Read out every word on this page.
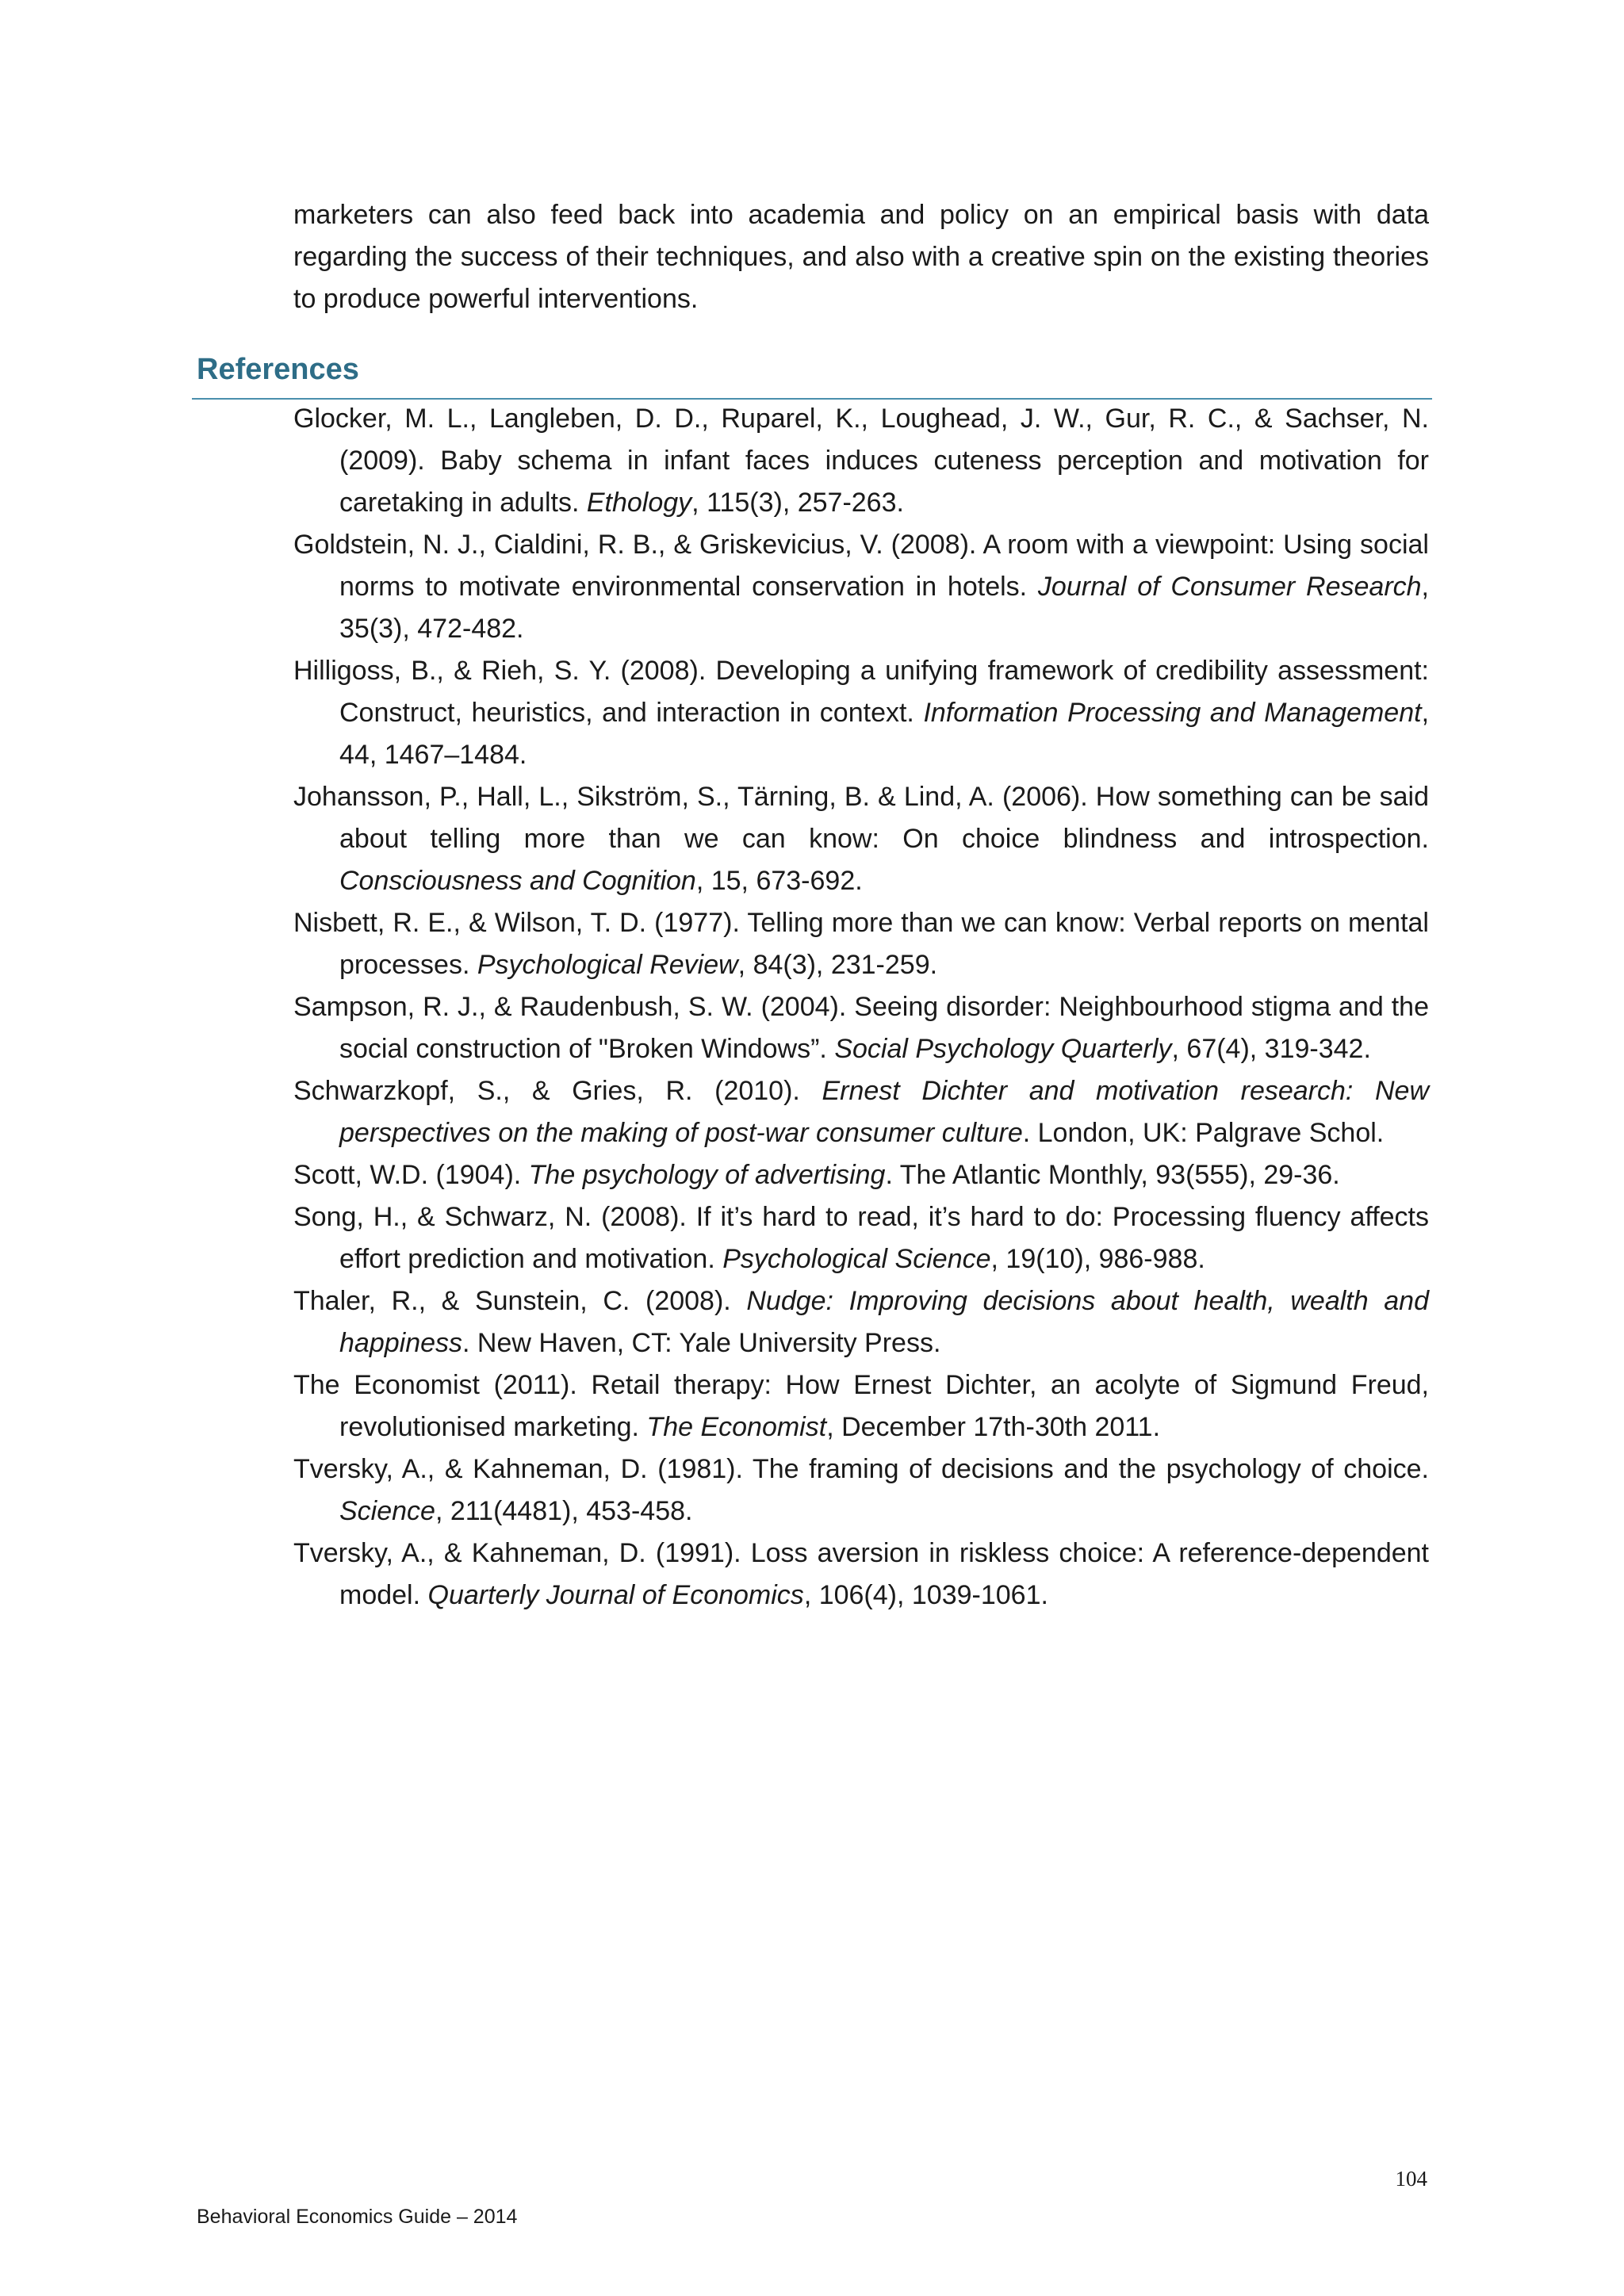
marketers can also feed back into academia and policy on an empirical basis with data regarding the success of their techniques, and also with a creative spin on the existing theories to produce powerful interventions.

References
Glocker, M. L., Langleben, D. D., Ruparel, K., Loughead, J. W., Gur, R. C., & Sachser, N. (2009). Baby schema in infant faces induces cuteness perception and motivation for caretaking in adults. Ethology, 115(3), 257-263.
Goldstein, N. J., Cialdini, R. B., & Griskevicius, V. (2008). A room with a viewpoint: Using social norms to motivate environmental conservation in hotels. Journal of Consumer Research, 35(3), 472-482.
Hilligoss, B., & Rieh, S. Y. (2008). Developing a unifying framework of credibility assessment: Construct, heuristics, and interaction in context. Information Processing and Management, 44, 1467–1484.
Johansson, P., Hall, L., Sikström, S., Tärning, B. & Lind, A. (2006). How something can be said about telling more than we can know: On choice blindness and introspection. Consciousness and Cognition, 15, 673-692.
Nisbett, R. E., & Wilson, T. D. (1977). Telling more than we can know: Verbal reports on mental processes. Psychological Review, 84(3), 231-259.
Sampson, R. J., & Raudenbush, S. W. (2004). Seeing disorder: Neighbourhood stigma and the social construction of "Broken Windows”. Social Psychology Quarterly, 67(4), 319-342.
Schwarzkopf, S., & Gries, R. (2010). Ernest Dichter and motivation research: New perspectives on the making of post-war consumer culture. London, UK: Palgrave Schol.
Scott, W.D. (1904). The psychology of advertising. The Atlantic Monthly, 93(555), 29-36.
Song, H., & Schwarz, N. (2008). If it’s hard to read, it’s hard to do: Processing fluency affects effort prediction and motivation. Psychological Science, 19(10), 986-988.
Thaler, R., & Sunstein, C. (2008). Nudge: Improving decisions about health, wealth and happiness. New Haven, CT: Yale University Press.
The Economist (2011). Retail therapy: How Ernest Dichter, an acolyte of Sigmund Freud, revolutionised marketing. The Economist, December 17th-30th 2011.
Tversky, A., & Kahneman, D. (1981). The framing of decisions and the psychology of choice. Science, 211(4481), 453-458.
Tversky, A., & Kahneman, D. (1991). Loss aversion in riskless choice: A reference-dependent model. Quarterly Journal of Economics, 106(4), 1039-1061.
104
Behavioral Economics Guide – 2014
